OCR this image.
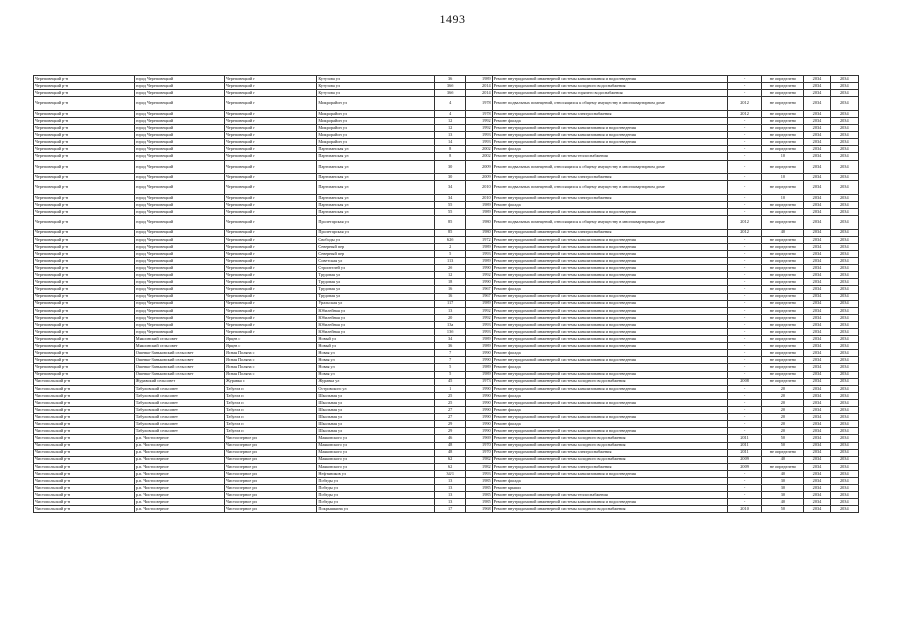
1493
Череповецкий р-н	город Череповецкий	Череповецкий г	Кутузова ул	36	1989	Ремонт внутридомовой инженерной системы канализования и водоотведения	-	не определено	2034	2034
Череповецкий р-н	город Череповецкий	Череповецкий г	Кутузова ул	36б	2014	Ремонт внутридомовой инженерной системы холодного водоснабжения	-	не определено	2034	2034
Череповецкий р-н	город Череповецкий	Череповецкий г	Кутузова ул	36б	2014	Ремонт внутридомовой инженерной системы горячего водоснабжения	-	не определено	2034	2034
Череповецкий р-н	город Череповецкий	Череповецкий г	Микрорайон ул	4	1978	Ремонт подвальных помещений, относящихся к общему имуществу в многоквартирном доме	2012	не определено	2034	2034
Череповецкий р-н	город Череповецкий	Череповецкий г	Микрорайон ул	4	1978	Ремонт внутридомовой инженерной системы электроснабжения	2012	не определено	2034	2034
Череповецкий р-н	город Череповецкий	Череповецкий г	Микрорайон ул	12	1992	Ремонт фасада	-	не определено	2034	2034
Череповецкий р-н	город Череповецкий	Череповецкий г	Микрорайон ул	12	1992	Ремонт внутридомовой инженерной системы канализования и водоотведения	-	не определено	2034	2034
Череповецкий р-н	город Череповецкий	Череповецкий г	Микрорайон ул	13	1993	Ремонт внутридомовой инженерной системы канализования и водоотведения	-	не определено	2034	2034
Череповецкий р-н	город Череповецкий	Череповецкий г	Микрорайон ул	14	1993	Ремонт внутридомовой инженерной системы канализования и водоотведения	-	не определено	2034	2034
Череповецкий р-н	город Череповецкий	Череповецкий г	Партизанская ул	8	2002	Ремонт фасада	-	не определено	2034	2034
Череповецкий р-н	город Череповецкий	Череповецкий г	Партизанская ул	8	2002	Ремонт внутридомовой инженерной системы теплоснабжения	-	10	2034	2034
Череповецкий р-н	город Череповецкий	Череповецкий г	Партизанская ул	30	2009	Ремонт подвальных помещений, относящихся к общему имуществу в многоквартирном доме	-	не определено	2034	2034
Череповецкий р-н	город Череповецкий	Череповецкий г	Партизанская ул	30	2009	Ремонт внутридомовой инженерной системы электроснабжения	-	10	2034	2034
Череповецкий р-н	город Череповецкий	Череповецкий г	Партизанская ул	34	2010	Ремонт подвальных помещений, относящихся к общему имуществу в многоквартирном доме	-	не определено	2034	2034
Череповецкий р-н	город Череповецкий	Череповецкий г	Партизанская ул	34	2010	Ремонт внутридомовой инженерной системы электроснабжения	-	10	2034	2034
Череповецкий р-н	город Череповецкий	Череповецкий г	Партизанская ул	55	1989	Ремонт фасада	-	не определено	2034	2034
Череповецкий р-н	город Череповецкий	Череповецкий г	Партизанская ул	55	1989	Ремонт внутридомовой инженерной системы канализования и водоотведения	-	не определено	2034	2034
Череповецкий р-н	город Череповецкий	Череповецкий г	Пролетарская ул	85	1980	Ремонт подвальных помещений, относящихся к общему имуществу в многоквартирном доме	2012	не определено	2034	2034
Череповецкий р-н	город Череповецкий	Череповецкий г	Пролетарская ул	85	1980	Ремонт внутридомовой инженерной системы электроснабжения	2012	40	2034	2034
Череповецкий р-н	город Череповецкий	Череповецкий г	Свободы ул	62б	1972	Ремонт внутридомовой инженерной системы канализования и водоотведения	-	не определено	2034	2034
Череповецкий р-н	город Череповецкий	Череповецкий г	Северный пер	2	1989	Ремонт внутридомовой инженерной системы канализования и водоотведения	-	не определено	2034	2034
Череповецкий р-н	город Череповецкий	Череповецкий г	Северный пер	5	1993	Ремонт внутридомовой инженерной системы канализования и водоотведения	-	не определено	2034	2034
Череповецкий р-н	город Череповецкий	Череповецкий г	Советская ул	113	1989	Ремонт внутридомовой инженерной системы канализования и водоотведения	-	не определено	2034	2034
Череповецкий р-н	город Череповецкий	Череповецкий г	Строителей ул	2б	1990	Ремонт внутридомовой инженерной системы канализования и водоотведения	-	не определено	2034	2034
Череповецкий р-н	город Череповецкий	Череповецкий г	Трудовая ул	12	1992	Ремонт внутридомовой инженерной системы канализования и водоотведения	-	не определено	2034	2034
Череповецкий р-н	город Череповецкий	Череповецкий г	Трудовая ул	18	1990	Ремонт внутридомовой инженерной системы канализования и водоотведения	-	не определено	2034	2034
Череповецкий р-н	город Череповецкий	Череповецкий г	Трудовая ул	16	1967	Ремонт фасада	-	не определено	2034	2034
Череповецкий р-н	город Череповецкий	Череповецкий г	Трудовая ул	16	1967	Ремонт внутридомовой инженерной системы канализования и водоотведения	-	не определено	2034	2034
Череповецкий р-н	город Череповецкий	Череповецкий г	Уральская ул	117	1989	Ремонт внутридомовой инженерной системы канализования и водоотведения	-	не определено	2034	2034
Череповецкий р-н	город Череповецкий	Череповецкий г	Юбилейная ул	13	1992	Ремонт внутридомовой инженерной системы канализования и водоотведения	-	не определено	2034	2034
Череповецкий р-н	город Череповецкий	Череповецкий г	Юбилейная ул	20	1992	Ремонт внутридомовой инженерной системы канализования и водоотведения	-	не определено	2034	2034
Череповецкий р-н	город Череповецкий	Череповецкий г	Юбилейная ул	13а	1993	Ремонт внутридомовой инженерной системы канализования и водоотведения	-	не определено	2034	2034
Череповецкий р-н	город Череповецкий	Череповецкий г	Юбилейная ул	13б	1993	Ремонт внутридомовой инженерной системы канализования и водоотведения	-	не определено	2034	2034
Череповецкий р-н	Мяксинский сельсовет	Ярцев с	Новый ул	34	1989	Ремонт внутридомовой инженерной системы канализования и водоотведения	-	не определено	2034	2034
Череповецкий р-н	Мяксинский сельсовет	Ярцев с	Новый ул	36	1989	Ремонт внутридомовой инженерной системы канализования и водоотведения	-	не определено	2034	2034
Череповецкий р-н	Ошевко-Заньковский сельсовет	Ясная Поляна с	Новая ул	7	1990	Ремонт фасада	-	не определено	2034	2034
Череповецкий р-н	Ошевко-Заньковский сельсовет	Ясная Поляна с	Новая ул	7	1990	Ремонт внутридомовой инженерной системы канализования и водоотведения	-	не определено	2034	2034
Череповецкий р-н	Ошевко-Заньковский сельсовет	Ясная Поляна с	Новая ул	5	1989	Ремонт фасада	-	не определено	2034	2034
Череповецкий р-н	Ошевко-Заньковский сельсовет	Ясная Поляна с	Новая ул	5	1989	Ремонт внутридомовой инженерной системы канализования и водоотведения	-	не определено	2034	2034
Чистопольский р-н	Журавский сельсовет	Журавка с	Журавка ул	45	1973	Ремонт внутридомовой инженерной системы холодного водоснабжения	2008	не определено	2034	2034
Чистопольский р-н	Табуловский сельсовет	Табулга п	Островского ул	1	1990	Ремонт внутридомовой инженерной системы канализования и водоотведения	-	20	2034	2034
Чистопольский р-н	Табуловский сельсовет	Табулга п	Школьная ул	25	1990	Ремонт фасада	-	20	2034	2034
Чистопольский р-н	Табуловский сельсовет	Табулга п	Школьная ул	25	1990	Ремонт внутридомовой инженерной системы канализования и водоотведения	-	20	2034	2034
Чистопольский р-н	Табуловский сельсовет	Табулга п	Школьная ул	27	1990	Ремонт фасада	-	20	2034	2034
Чистопольский р-н	Табуловский сельсовет	Табулга п	Школьная ул	27	1990	Ремонт внутридомовой инженерной системы канализования и водоотведения	-	20	2034	2034
Чистопольский р-н	Табуловский сельсовет	Табулга п	Школьная ул	29	1990	Ремонт фасада	-	20	2034	2034
Чистопольский р-н	Табуловский сельсовет	Табулга п	Школьная ул	29	1990	Ремонт внутридомовой инженерной системы канализования и водоотведения	-	20	2034	2034
Чистопольский р-н	р.п. Чистоозерное	Чистоозерное рп	Маяковского ул	46	1969	Ремонт внутридомовой инженерной системы холодного водоснабжения	2011	50	2034	2034
Чистопольский р-н	р.п. Чистоозерное	Чистоозерное рп	Маяковского ул	48	1970	Ремонт внутридомовой инженерной системы холодного водоснабжения	2011	50	2034	2034
Чистопольский р-н	р.п. Чистоозерное	Чистоозерное рп	Маяковского ул	48	1970	Ремонт внутридомовой инженерной системы электроснабжения	2011	не определено	2034	2034
Чистопольский р-н	р.п. Чистоозерное	Чистоозерное рп	Маяковского ул	62	1982	Ремонт внутридомовой инженерной системы холодного водоснабжения	2009	40	2034	2034
Чистопольский р-н	р.п. Чистоозерное	Чистоозерное рп	Маяковского ул	62	1982	Ремонт внутридомовой инженерной системы электроснабжения	2009	не определено	2034	2034
Чистопольский р-н	р.п. Чистоозерное	Чистоозерное рп	Нефтяников ул	34/1	1993	Ремонт внутридомовой инженерной системы канализования и водоотведения	-	40	2034	2034
Чистопольский р-н	р.п. Чистоозерное	Чистоозерное рп	Победы ул	13	1985	Ремонт фасада	-	30	2034	2034
Чистопольский р-н	р.п. Чистоозерное	Чистоозерное рп	Победы ул	13	1985	Ремонт крыши	-	30	2034	2034
Чистопольский р-н	р.п. Чистоозерное	Чистоозерное рп	Победы ул	13	1985	Ремонт внутридомовой инженерной системы теплоснабжения	-	30	2034	2034
Чистопольский р-н	р.п. Чистоозерное	Чистоозерное рп	Победы ул	13	1985	Ремонт внутридомовой инженерной системы канализования и водоотведения	-	40	2034	2034
Чистопольский р-н	р.п. Чистоозерное	Чистоозерное рп	Покрышкина ул	17	1968	Ремонт внутридомовой инженерной системы холодного водоснабжения	2010	50	2034	2034
